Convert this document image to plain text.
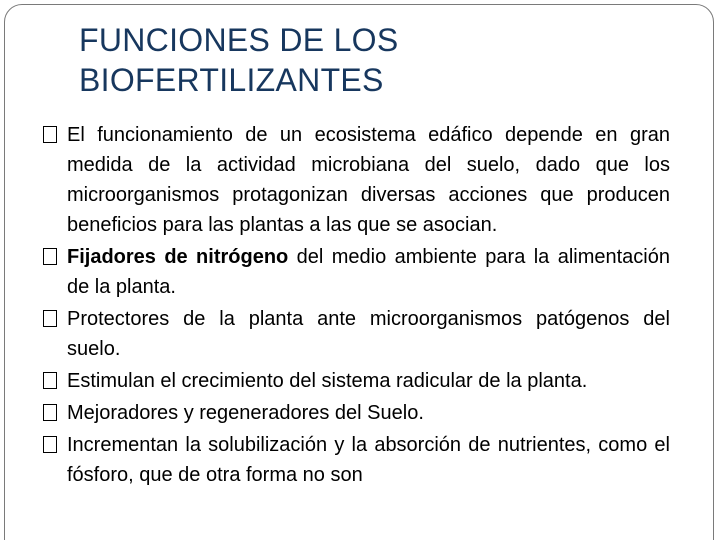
FUNCIONES DE LOS
BIOFERTILIZANTES
El funcionamiento de un ecosistema edáfico depende en gran medida de la actividad microbiana del suelo, dado que los microorganismos protagonizan diversas acciones que producen beneficios para las plantas a las que se asocian.
Fijadores de nitrógeno del medio ambiente para la alimentación de la planta.
Protectores de la planta ante microorganismos patógenos del suelo.
Estimulan el crecimiento del sistema radicular de la planta.
Mejoradores y regeneradores del Suelo.
Incrementan la solubilización y la absorción de nutrientes, como el fósforo, que de otra forma no son
